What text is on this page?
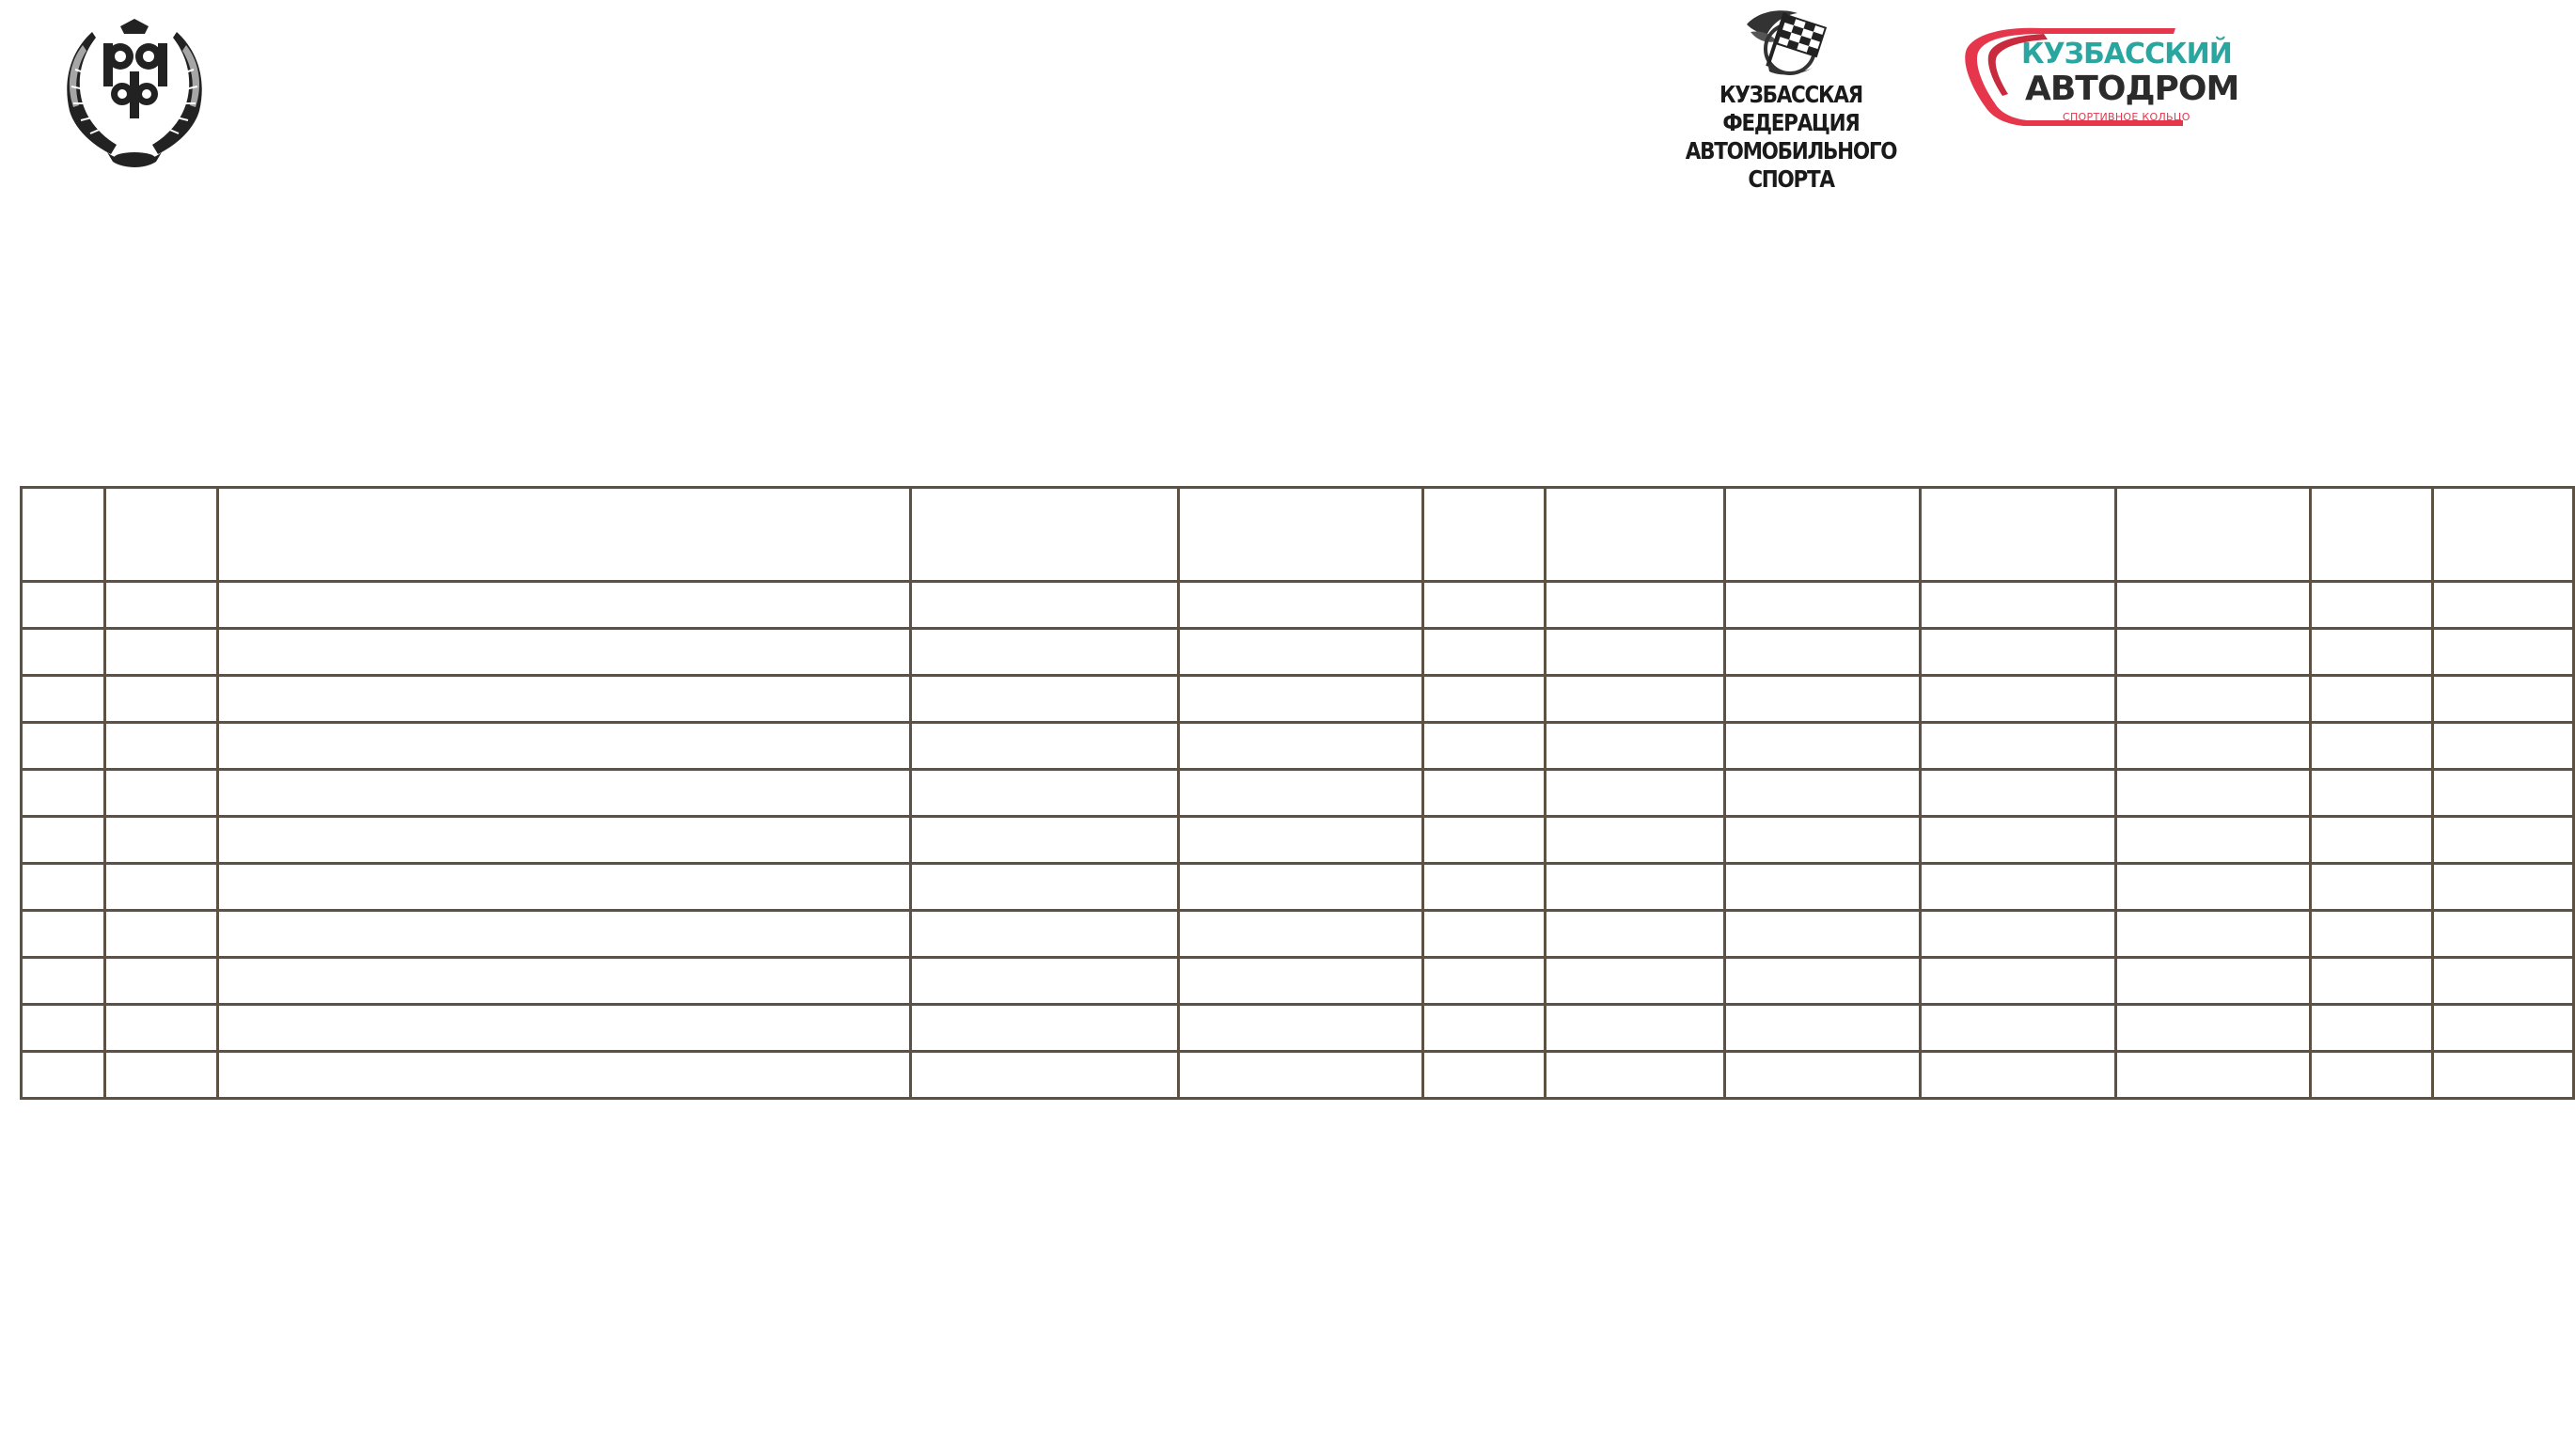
КУЗБАССКАЯ ФЕДЕРАЦИЯ
АВТОМОБИЛЬНОГО СПОРТА
КУЗБАССКИЙ
АВТОДРОМ
СПОРТИВНОЕ КОЛЬЦО
